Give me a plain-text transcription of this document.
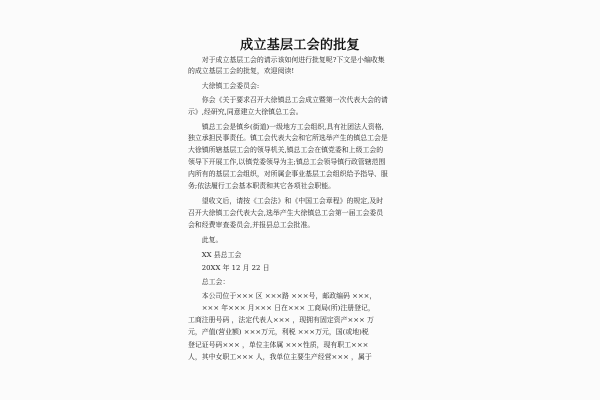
成立基层工会的批复
　　对于成立基层工会的请示该如何进行批复呢?下文是小编收集
的成立基层工会的批复，欢迎阅读!
　　大徐镇工会委员会:
　　你会《关于要求召开大徐镇总工会成立暨第一次代表大会的请
示》,经研究,同意建立大徐镇总工会。
　　镇总工会是镇乡(街道)一级地方工会组织,具有社团法人资格,
独立承担民事责任。镇工会代表大会和它所选举产生的镇总工会是
大徐镇所辖基层工会的领导机关,镇总工会在镇党委和上级工会的
领导下开展工作,以镇党委领导为主;镇总工会领导镇行政管辖范围
内所有的基层工会组织，对所属企事业基层工会组织给予指导、服
务;依法履行工会基本职责和其它各项社会职能。
　　望收文后，请按《工会法》和《中国工会章程》的规定,及时
召开大徐镇工会代表大会,选举产生大徐镇总工会第一届工会委员
会和经费审查委员会,并报县总工会批准。
　　此复。
　　XX 县总工会
　　20XX 年 12 月 22 日
　　总工会：
　　本公司位于××× 区 ×××路 ×××号，邮政编码 ×××，
　　××× 年××× 月××× 日在××× 工商局(所)注册登记，
工商注册号码 ，法定代表人××× ，现拥有固定资产××× 万
元，产值(营业额) ×××万元，利税 ×××万元，国(或地)税
登记证号码××× ，单位主体属 ×××性质，现有职工×××
人，其中女职工××× 人，我单位主要生产经营××× ，属于
